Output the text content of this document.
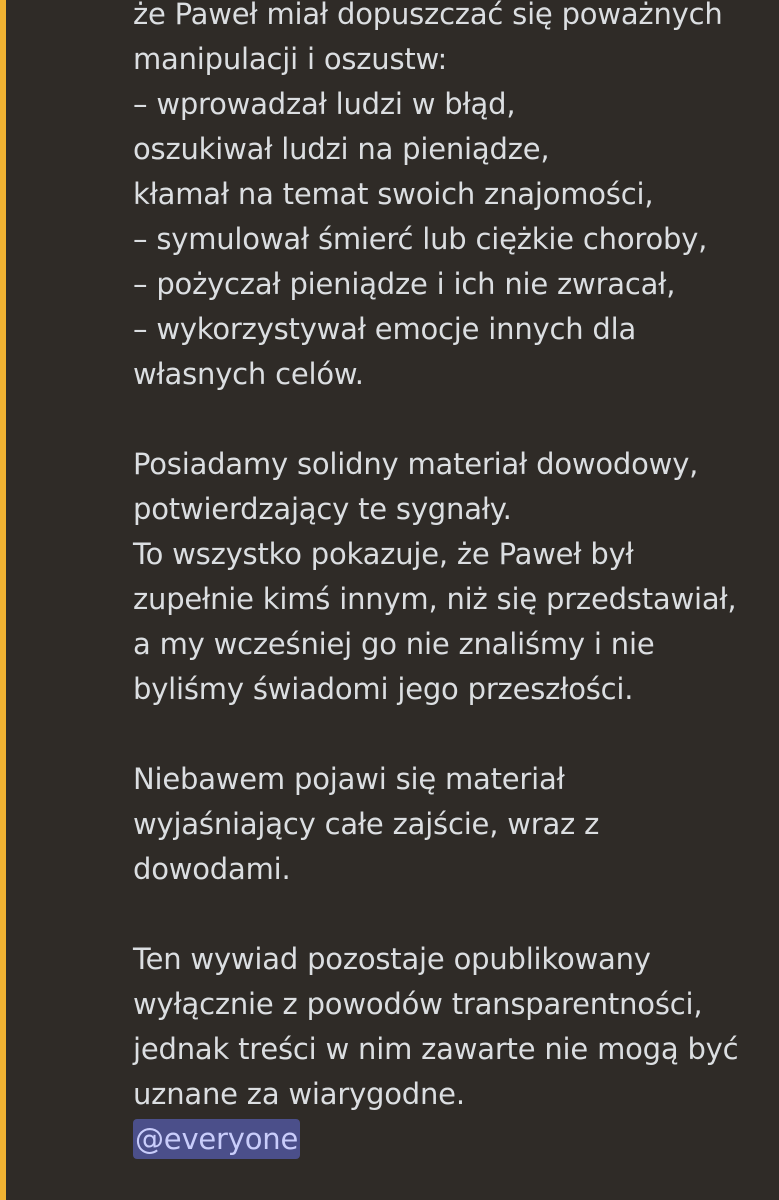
że Paweł miał dopuszczać się poważnych
manipulacji i oszustw:
– wprowadzał ludzi w błąd,
oszukiwał ludzi na pieniądze,
kłamał na temat swoich znajomości,
– symulował śmierć lub ciężkie choroby,
– pożyczał pieniądze i ich nie zwracał,
– wykorzystywał emocje innych dla
własnych celów.
Posiadamy solidny materiał dowodowy,
potwierdzający te sygnały.
To wszystko pokazuje, że Paweł był
zupełnie kimś innym, niż się przedstawiał,
a my wcześniej go nie znaliśmy i nie
byliśmy świadomi jego przeszłości.
Niebawem pojawi się materiał
wyjaśniający całe zajście, wraz z
dowodami.
Ten wywiad pozostaje opublikowany
wyłącznie z powodów transparentności,
jednak treści w nim zawarte nie mogą być
uznane za wiarygodne.
@everyone
